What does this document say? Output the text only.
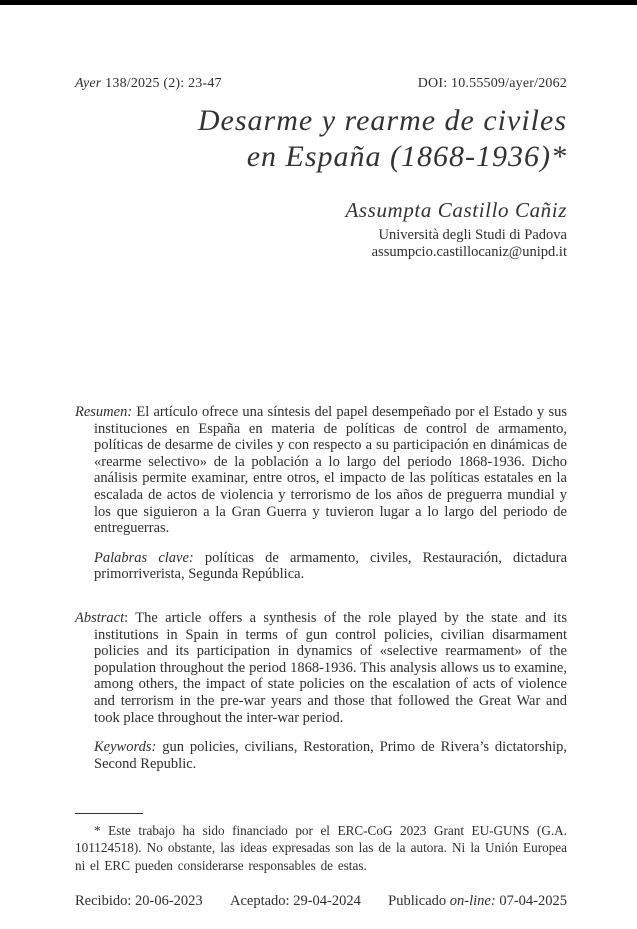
Ayer 138/2025 (2): 23-47	DOI: 10.55509/ayer/2062
Desarme y rearme de civiles
en España (1868-1936)*
Assumpta Castillo Cañiz
Università degli Studi di Padova
assumpcio.castillocaniz@unipd.it

Resumen: El artículo ofrece una síntesis del papel desempeñado por el Estado y sus instituciones en España en materia de políticas de control de armamento, políticas de desarme de civiles y con respecto a su participación en dinámicas de «rearme selectivo» de la población a lo largo del periodo 1868-1936. Dicho análisis permite examinar, entre otros, el impacto de las políticas estatales en la escalada de actos de violencia y terrorismo de los años de preguerra mundial y los que siguieron a la Gran Guerra y tuvieron lugar a lo largo del periodo de entreguerras.

Palabras clave: políticas de armamento, civiles, Restauración, dictadura primorriverista, Segunda República.

Abstract: The article offers a synthesis of the role played by the state and its institutions in Spain in terms of gun control policies, civilian disarmament policies and its participation in dynamics of «selective rearmament» of the population throughout the period 1868-1936. This analysis allows us to examine, among others, the impact of state policies on the escalation of acts of violence and terrorism in the pre-war years and those that followed the Great War and took place throughout the inter-war period.

Keywords: gun policies, civilians, Restoration, Primo de Rivera’s dictatorship, Second Republic.

* Este trabajo ha sido financiado por el ERC-CoG 2023 Grant EU-GUNS (G.A. 101124518). No obstante, las ideas expresadas son las de la autora. Ni la Unión Europea ni el ERC pueden considerarse responsables de estas.

Recibido: 20-06-2023 Aceptado: 29-04-2024 Publicado on-line: 07-04-2025
